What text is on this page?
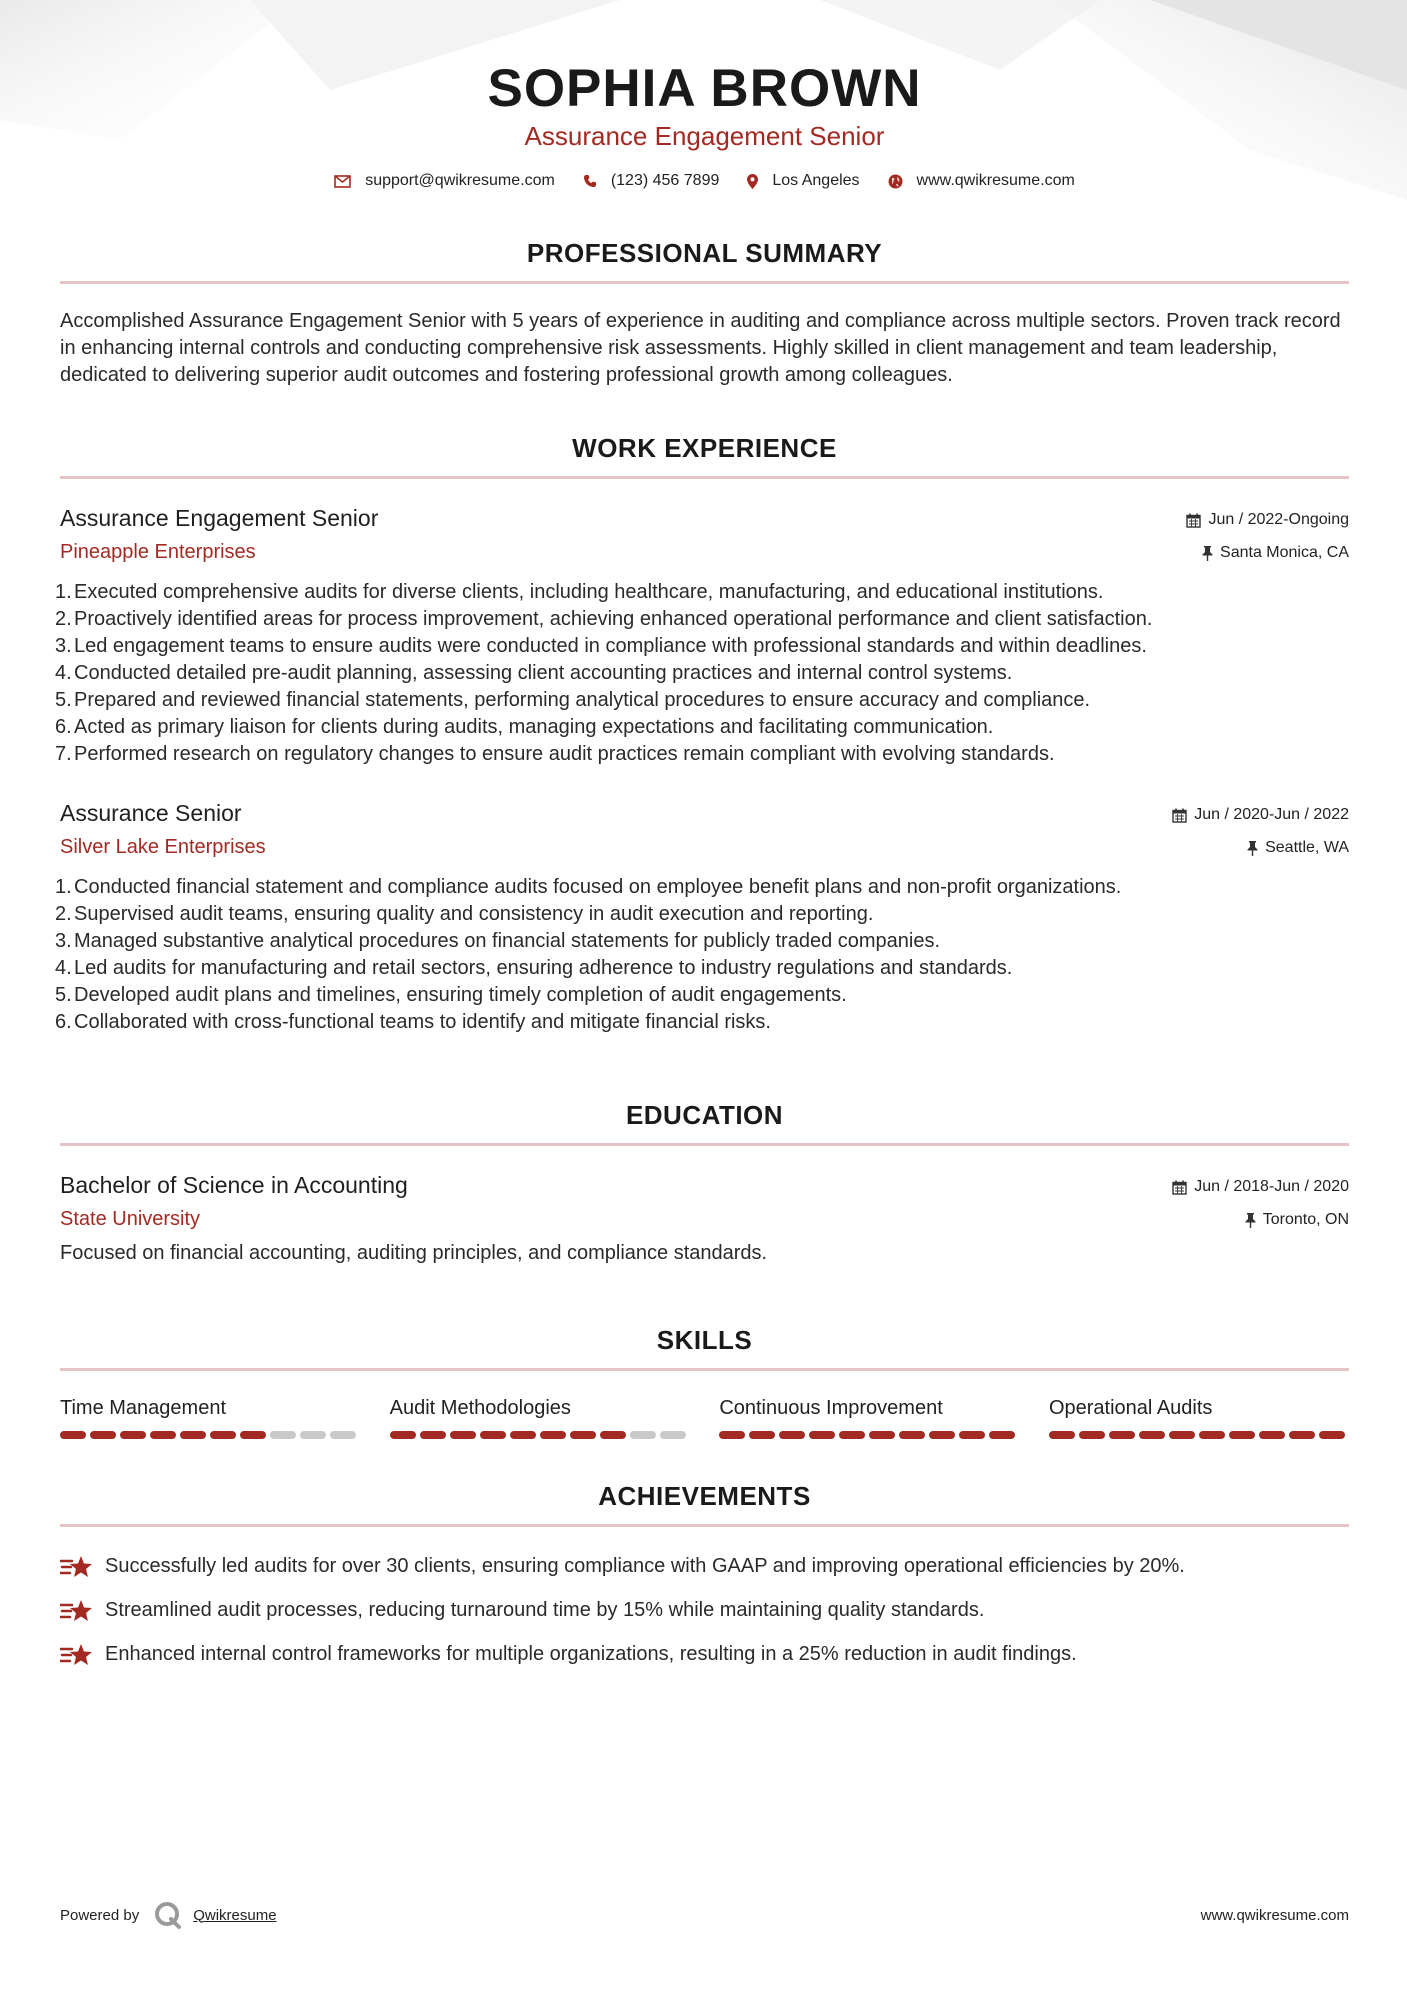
SOPHIA BROWN
Assurance Engagement Senior
support@qwikresume.com	(123) 456 7899	Los Angeles	www.qwikresume.com
PROFESSIONAL SUMMARY
Accomplished Assurance Engagement Senior with 5 years of experience in auditing and compliance across multiple sectors. Proven track record in enhancing internal controls and conducting comprehensive risk assessments. Highly skilled in client management and team leadership, dedicated to delivering superior audit outcomes and fostering professional growth among colleagues.
WORK EXPERIENCE
Assurance Engagement Senior
Pineapple Enterprises
Jun / 2022-Ongoing
Santa Monica, CA
1. Executed comprehensive audits for diverse clients, including healthcare, manufacturing, and educational institutions.
2. Proactively identified areas for process improvement, achieving enhanced operational performance and client satisfaction.
3. Led engagement teams to ensure audits were conducted in compliance with professional standards and within deadlines.
4. Conducted detailed pre-audit planning, assessing client accounting practices and internal control systems.
5. Prepared and reviewed financial statements, performing analytical procedures to ensure accuracy and compliance.
6. Acted as primary liaison for clients during audits, managing expectations and facilitating communication.
7. Performed research on regulatory changes to ensure audit practices remain compliant with evolving standards.
Assurance Senior
Silver Lake Enterprises
Jun / 2020-Jun / 2022
Seattle, WA
1. Conducted financial statement and compliance audits focused on employee benefit plans and non-profit organizations.
2. Supervised audit teams, ensuring quality and consistency in audit execution and reporting.
3. Managed substantive analytical procedures on financial statements for publicly traded companies.
4. Led audits for manufacturing and retail sectors, ensuring adherence to industry regulations and standards.
5. Developed audit plans and timelines, ensuring timely completion of audit engagements.
6. Collaborated with cross-functional teams to identify and mitigate financial risks.
EDUCATION
Bachelor of Science in Accounting
State University
Jun / 2018-Jun / 2020
Toronto, ON
Focused on financial accounting, auditing principles, and compliance standards.
SKILLS
Time Management	Audit Methodologies	Continuous Improvement	Operational Audits
ACHIEVEMENTS
Successfully led audits for over 30 clients, ensuring compliance with GAAP and improving operational efficiencies by 20%.
Streamlined audit processes, reducing turnaround time by 15% while maintaining quality standards.
Enhanced internal control frameworks for multiple organizations, resulting in a 25% reduction in audit findings.
Powered by	Qwikresume	www.qwikresume.com
